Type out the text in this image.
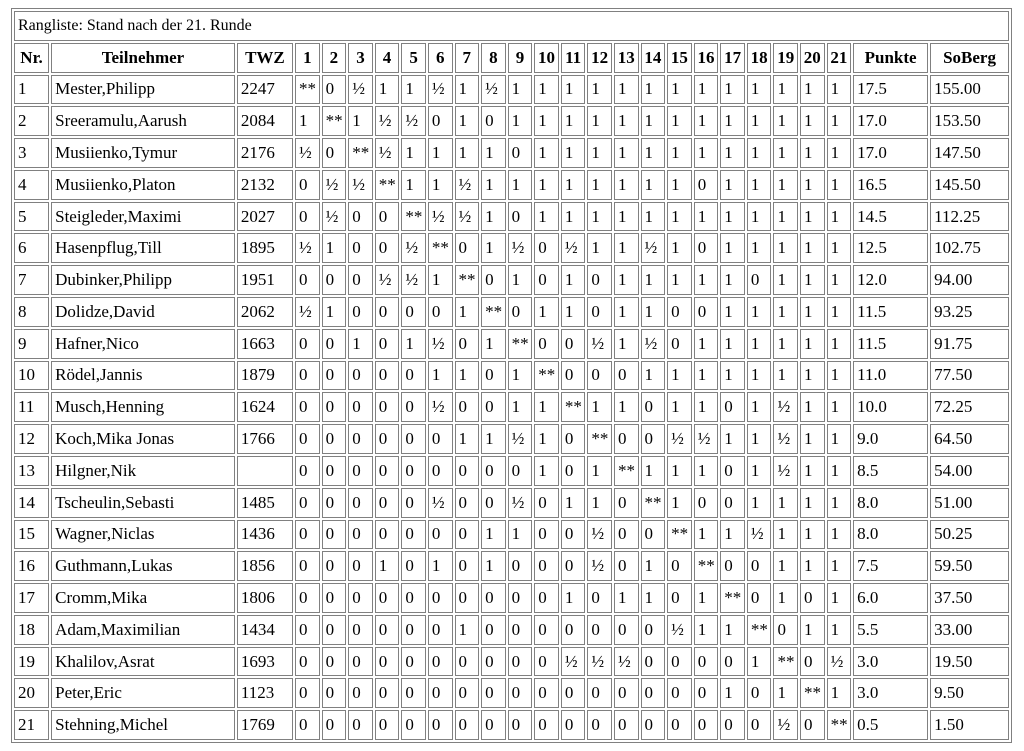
Rangliste: Stand nach der 21. Runde																									
Nr.	Teilnehmer	TWZ	1	2	3	4	5	6	7	8	9	10	11	12	13	14	15	16	17	18	19	20	21	Punkte	SoBerg
1	Mester,Philipp	2247	**	0	½	1	1	½	1	½	1	1	1	1	1	1	1	1	1	1	1	1	1	17.5	155.00
2	Sreeramulu,Aarush	2084	1	**	1	½	½	0	1	0	1	1	1	1	1	1	1	1	1	1	1	1	1	17.0	153.50
3	Musiienko,Tymur	2176	½	0	**	½	1	1	1	1	0	1	1	1	1	1	1	1	1	1	1	1	1	17.0	147.50
4	Musiienko,Platon	2132	0	½	½	**	1	1	½	1	1	1	1	1	1	1	1	0	1	1	1	1	1	16.5	145.50
5	Steigleder,Maximi	2027	0	½	0	0	**	½	½	1	0	1	1	1	1	1	1	1	1	1	1	1	1	14.5	112.25
6	Hasenpflug,Till	1895	½	1	0	0	½	**	0	1	½	0	½	1	1	½	1	0	1	1	1	1	1	12.5	102.75
7	Dubinker,Philipp	1951	0	0	0	½	½	1	**	0	1	0	1	0	1	1	1	1	1	0	1	1	1	12.0	94.00
8	Dolidze,David	2062	½	1	0	0	0	0	1	**	0	1	1	0	1	1	0	0	1	1	1	1	1	11.5	93.25
9	Hafner,Nico	1663	0	0	1	0	1	½	0	1	**	0	0	½	1	½	0	1	1	1	1	1	1	11.5	91.75
10	Rödel,Jannis	1879	0	0	0	0	0	1	1	0	1	**	0	0	0	1	1	1	1	1	1	1	1	11.0	77.50
11	Musch,Henning	1624	0	0	0	0	0	½	0	0	1	1	**	1	1	0	1	1	0	1	½	1	1	10.0	72.25
12	Koch,Mika Jonas	1766	0	0	0	0	0	0	1	1	½	1	0	**	0	0	½	½	1	1	½	1	1	9.0	64.50
13	Hilgner,Nik		0	0	0	0	0	0	0	0	0	1	0	1	**	1	1	1	0	1	½	1	1	8.5	54.00
14	Tscheulin,Sebasti	1485	0	0	0	0	0	½	0	0	½	0	1	1	0	**	1	0	0	1	1	1	1	8.0	51.00
15	Wagner,Niclas	1436	0	0	0	0	0	0	0	1	1	0	0	½	0	0	**	1	1	½	1	1	1	8.0	50.25
16	Guthmann,Lukas	1856	0	0	0	1	0	1	0	1	0	0	0	½	0	1	0	**	0	0	1	1	1	7.5	59.50
17	Cromm,Mika	1806	0	0	0	0	0	0	0	0	0	0	1	0	1	1	0	1	**	0	1	0	1	6.0	37.50
18	Adam,Maximilian	1434	0	0	0	0	0	0	1	0	0	0	0	0	0	0	½	1	1	**	0	1	1	5.5	33.00
19	Khalilov,Asrat	1693	0	0	0	0	0	0	0	0	0	0	½	½	½	0	0	0	0	1	**	0	½	3.0	19.50
20	Peter,Eric	1123	0	0	0	0	0	0	0	0	0	0	0	0	0	0	0	0	1	0	1	**	1	3.0	9.50
21	Stehning,Michel	1769	0	0	0	0	0	0	0	0	0	0	0	0	0	0	0	0	0	0	½	0	**	0.5	1.50
